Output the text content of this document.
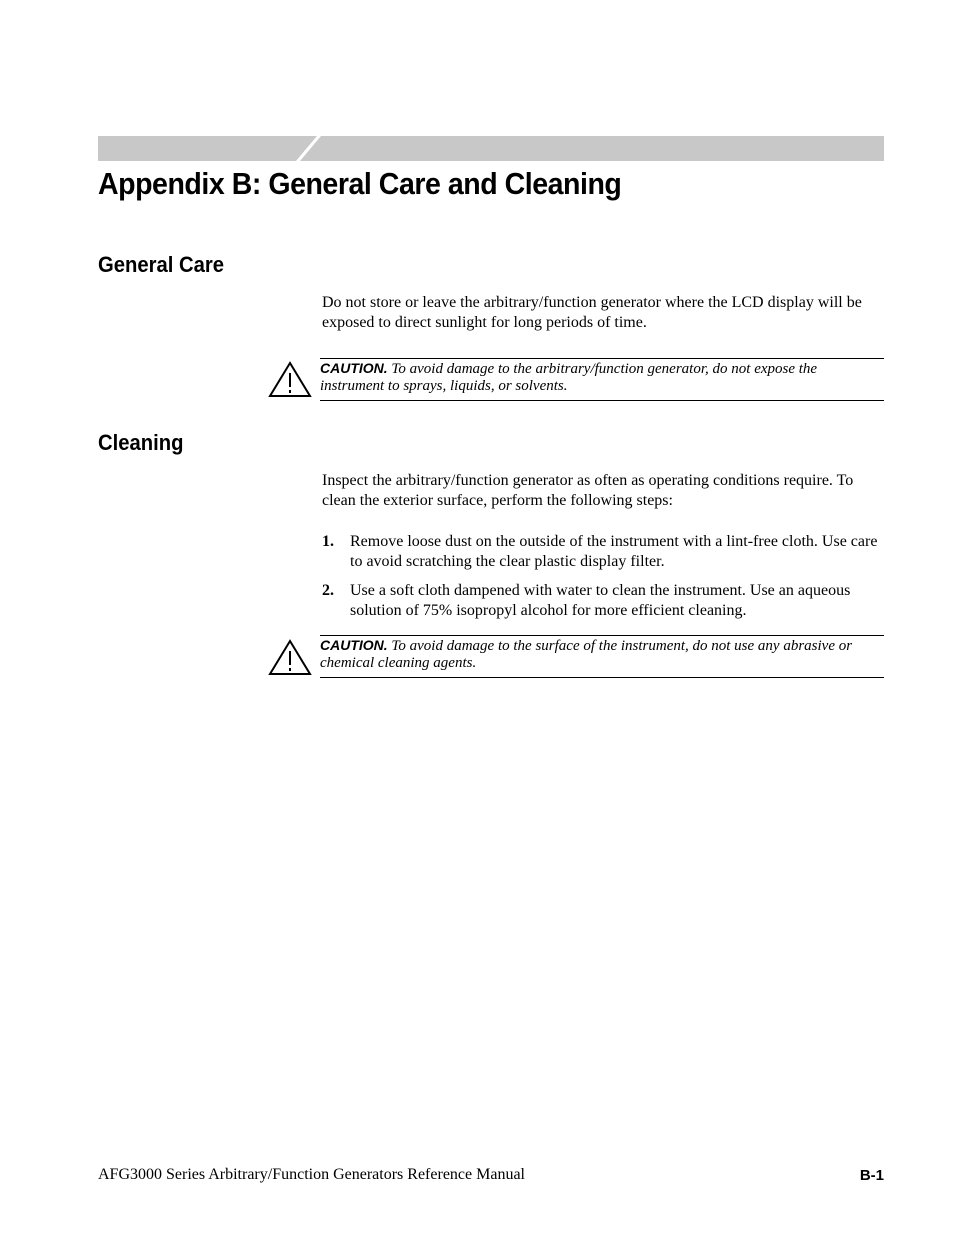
Appendix B: General Care and Cleaning
General Care

Do not store or leave the arbitrary/function generator where the LCD display will be exposed to direct sunlight for long periods of time.

CAUTION. To avoid damage to the arbitrary/function generator, do not expose the instrument to sprays, liquids, or solvents.
Cleaning

Inspect the arbitrary/function generator as often as operating conditions require. To clean the exterior surface, perform the following steps:

1. Remove loose dust on the outside of the instrument with a lint-free cloth. Use care to avoid scratching the clear plastic display filter.
2. Use a soft cloth dampened with water to clean the instrument. Use an aqueous solution of 75% isopropyl alcohol for more efficient cleaning.
CAUTION. To avoid damage to the surface of the instrument, do not use any abrasive or chemical cleaning agents.
AFG3000 Series Arbitrary/Function Generators Reference Manual	B-1
